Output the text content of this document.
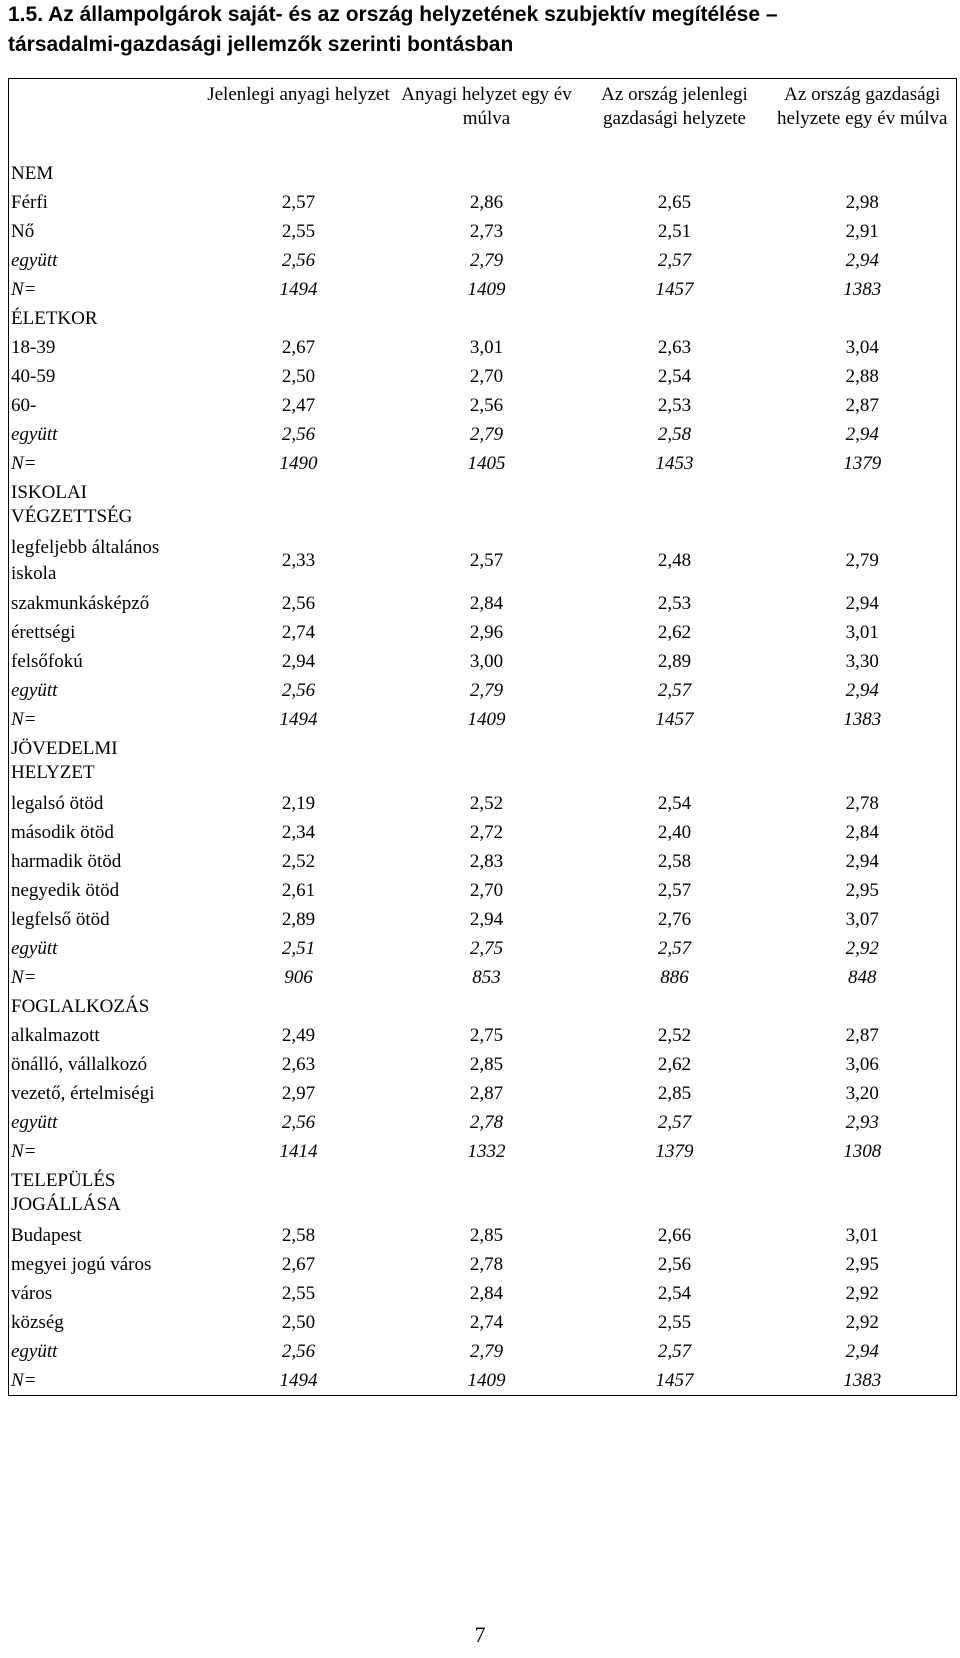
1.5. Az állampolgárok saját- és az ország helyzetének szubjektív megítélése –
társadalmi-gazdasági jellemzők szerinti bontásban
	Jelenlegi anyagi helyzet	Anyagi helyzet egy év múlva	Az ország jelenlegi gazdasági helyzete	Az ország gazdasági helyzete egy év múlva
NEM				
Férfi	2,57	2,86	2,65	2,98
Nő	2,55	2,73	2,51	2,91
együtt	2,56	2,79	2,57	2,94
N=	1494	1409	1457	1383
ÉLETKOR				
18-39	2,67	3,01	2,63	3,04
40-59	2,50	2,70	2,54	2,88
60-	2,47	2,56	2,53	2,87
együtt	2,56	2,79	2,58	2,94
N=	1490	1405	1453	1379
ISKOLAI VÉGZETTSÉG				
legfeljebb általános iskola	2,33	2,57	2,48	2,79
szakmunkásképző	2,56	2,84	2,53	2,94
érettségi	2,74	2,96	2,62	3,01
felsőfokú	2,94	3,00	2,89	3,30
együtt	2,56	2,79	2,57	2,94
N=	1494	1409	1457	1383
JÖVEDELMI HELYZET				
legalsó ötöd	2,19	2,52	2,54	2,78
második ötöd	2,34	2,72	2,40	2,84
harmadik ötöd	2,52	2,83	2,58	2,94
negyedik ötöd	2,61	2,70	2,57	2,95
legfelső ötöd	2,89	2,94	2,76	3,07
együtt	2,51	2,75	2,57	2,92
N=	906	853	886	848
FOGLALKOZÁS				
alkalmazott	2,49	2,75	2,52	2,87
önálló, vállalkozó	2,63	2,85	2,62	3,06
vezető, értelmiségi	2,97	2,87	2,85	3,20
együtt	2,56	2,78	2,57	2,93
N=	1414	1332	1379	1308
TELEPÜLÉS JOGÁLLÁSA				
Budapest	2,58	2,85	2,66	3,01
megyei jogú város	2,67	2,78	2,56	2,95
város	2,55	2,84	2,54	2,92
község	2,50	2,74	2,55	2,92
együtt	2,56	2,79	2,57	2,94
N=	1494	1409	1457	1383
7
